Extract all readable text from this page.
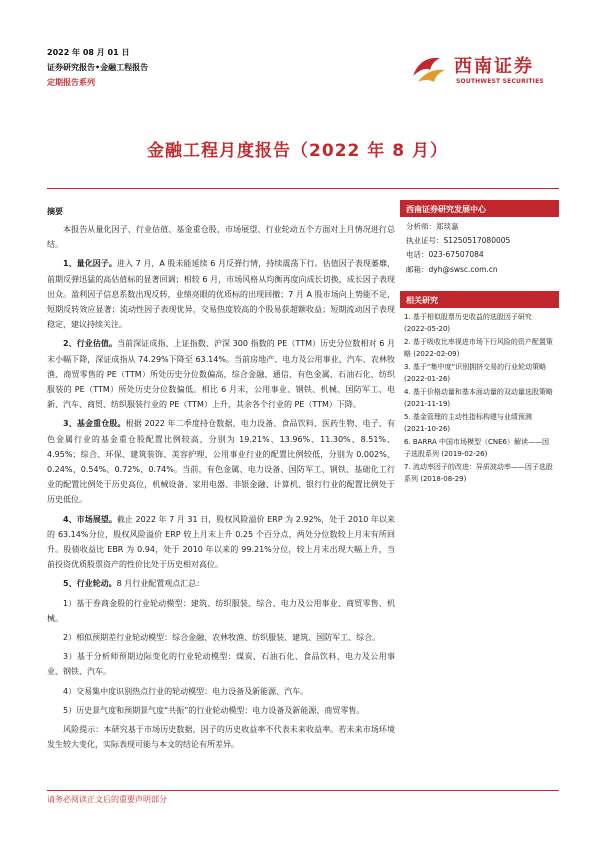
2022 年 08 月 01 日
证券研究报告•金融工程报告
定期报告系列
西南证券
SOUTHWEST SECURITIES
金融工程月度报告（2022 年 8 月）
摘要

本报告从量化因子、行业估值、基金重仓股、市场展望、行业轮动五个方面对上月情况进行总结。

1、量化因子。进入 7 月，A 股未能延续 6 月反弹行情，持续震荡下行。估值因子表现萎靡，前期反弹迅猛的高估值标的显著回调；相较 6 月，市场风格从均衡再度向成长切换，成长因子表现出众。盈利因子信息系数出现反转，业绩亮眼的优质标的出现回撤；7 月 A 股市场向上势能不足，短期反转效应显著；流动性因子表现优异，交易热度较高的个股易获超额收益；短期流动因子表现稳定，建议持续关注。

2、行业估值。当前深证成指、上证指数、沪深 300 指数的 PE（TTM）历史分位数相对 6 月末小幅下降，深证成指从 74.29%下降至 63.14%。当前房地产、电力及公用事业、汽车、农林牧渔、商贸零售的 PE（TTM）所处历史分位数偏高，综合金融、通信、有色金属、石油石化、纺织服装的 PE（TTM）所处历史分位数偏低。相比 6 月末，公用事业、钢铁、机械、国防军工、电新、汽车、商贸、纺织服装行业的 PE（TTM）上升，其余各个行业的 PE（TTM）下降。

3、基金重仓股。根据 2022 年二季度持仓数据，电力设备、食品饮料、医药生物、电子、有色金属行业的基金重仓股配置比例较高，分别为 19.21%、13.96%、11.30%、8.51%、4.95%；综合、环保、建筑装饰、美容护理、公用事业行业的配置比例较低，分别为 0.002%、0.24%、0.54%、0.72%、0.74%。当前，有色金属、电力设备、国防军工、钢铁、基础化工行业的配置比例处于历史高位，机械设备、家用电器、非银金融、计算机、银行行业的配置比例处于历史低位。

4、市场展望。截止 2022 年 7 月 31 日，股权风险溢价 ERP 为 2.92%，处于 2010 年以来的 63.14%分位，股权风险溢价 ERP 较上月末上升 0.25 个百分点，两处分位数较上月末有所回升。股债收益比 EBR 为 0.94，处于 2010 年以来的 99.21%分位，较上月末出现大幅上升，当前投资优质股票资产的性价比处于历史相对高位。

5、行业轮动。8 月行业配置观点汇总：

1）基于券商金股的行业轮动模型：建筑、纺织服装、综合、电力及公用事业、商贸零售、机械。

2）相似预期差行业轮动模型：综合金融、农林牧渔、纺织服装、建筑、国防军工、综合。

3）基于分析师预期边际变化的行业轮动模型：煤炭、石油石化、食品饮料、电力及公用事业、钢铁、汽车。

4）交易集中度识别热点行业的轮动模型：电力设备及新能源、汽车。

5）历史景气度和预期景气度“共振”的行业轮动模型：电力设备及新能源、商贸零售。

风险提示：本研究基于市场历史数据，因子的历史收益率不代表未来收益率。若未来市场环境发生较大变化，实际表现可能与本文的结论有所差异。

西南证券研究发展中心
分析师：郑琰嘉
执业证号：S1250517080005
电话：023-67507084
邮箱：dyh@swsc.com.cn
相关研究
1. 基于相似股票历史收益的选股因子研究 (2022-05-20)
2. 基于吸收比率视进市场下行风险的资产配置策略 (2022-02-09)
3. 基于“集中度”识别拥挤交易的行业轮动策略 (2022-01-26)
4. 基于价格动量和基本面动量的双动量选股策略 (2021-11-19)
5. 基金管理的主动性指标构建与业绩预测 (2021-10-26)
6. BARRA 中国市场模型（CNE6）解读——因子选股系列 (2019-02-26)
7. 流动率因子的改进：异质波动率——因子选股系列 (2018-08-29)
请务必阅读正文后的重要声明部分
